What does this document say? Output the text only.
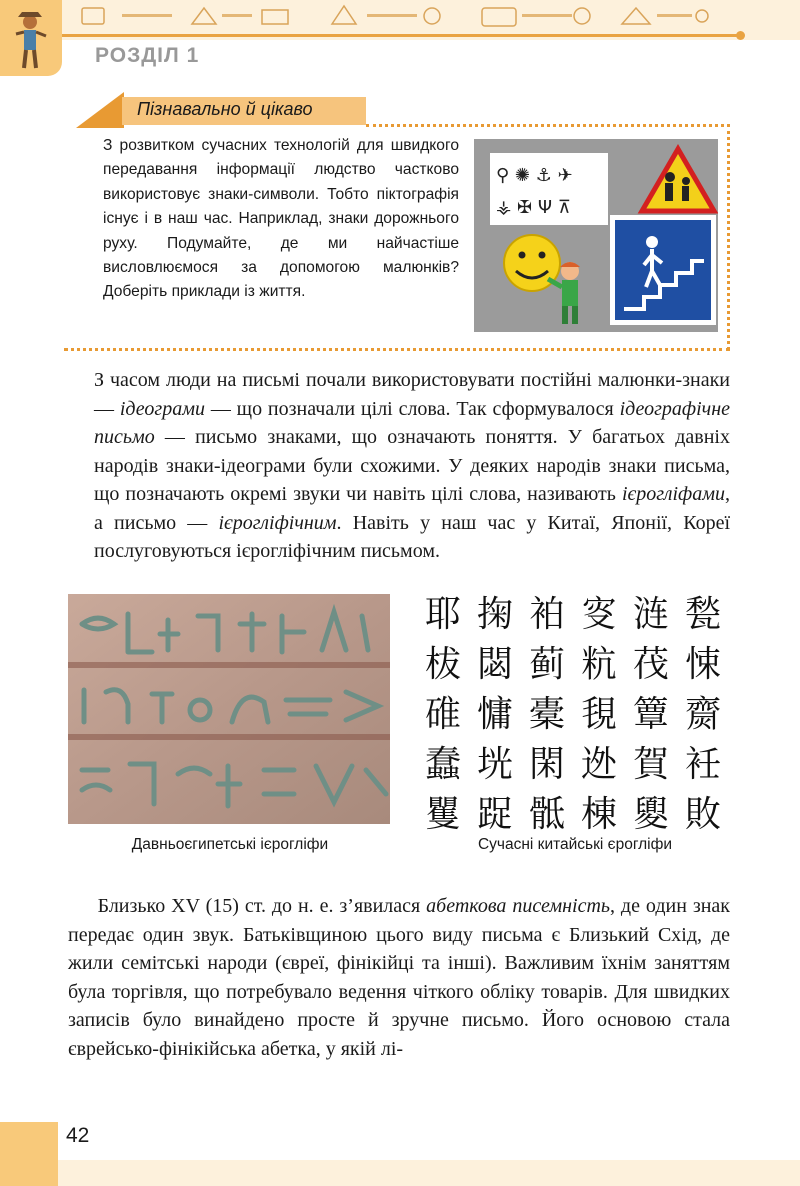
РОЗДІЛ 1
Пізнавально й цікаво
З розвитком сучасних технологій для швидкого передавання інформації людство частково використовує знаки-символи. Тобто піктографія існує і в наш час. Наприклад, знаки дорожнього руху. Подумайте, де ми найчастіше висловлюємося за допомогою малюнків? Доберіть приклади із життя.
⚲ ✺ ⚓ ✈
⚶ ✠ Ψ ⊼

З часом люди на письмі почали використовувати постійні малюнки-знаки — ідеограми — що позначали цілі слова. Так сформувалося ідеографічне письмо — письмо знаками, що означають поняття. У багатьох давніх народів знаки-ідеограми були схожими. У деяких народів знаки письма, що позначають окремі звуки чи навіть цілі слова, називають ієрогліфами, а письмо — ієрогліфічним. Навіть у наш час у Китаї, Японії, Кореї послуговуються ієрогліфічним письмом.

耶 掬 袙 叜 涟 甃
柭 閟 蓟 粇 茷 悚
碓 慵 橐 覒 簟 齌
蠢 垙 閑 迯 賀 衽
矍 踀 骶 棟 夓 敗
Давньоєгипетські ієрогліфи	Сучасні китайські єрогліфи

Близько XV (15) ст. до н. е. з’явилася абеткова писемність, де один знак передає один звук. Батьківщиною цього виду письма є Близький Схід, де жили семітські народи (євреї, фінікійці та інші). Важливим їхнім заняттям була торгівля, що потребувало ведення чіткого обліку товарів. Для швидких записів було винайдено просте й зручне письмо. Його основою стала єврейсько-фінікійська абетка, у якій лі-

42
